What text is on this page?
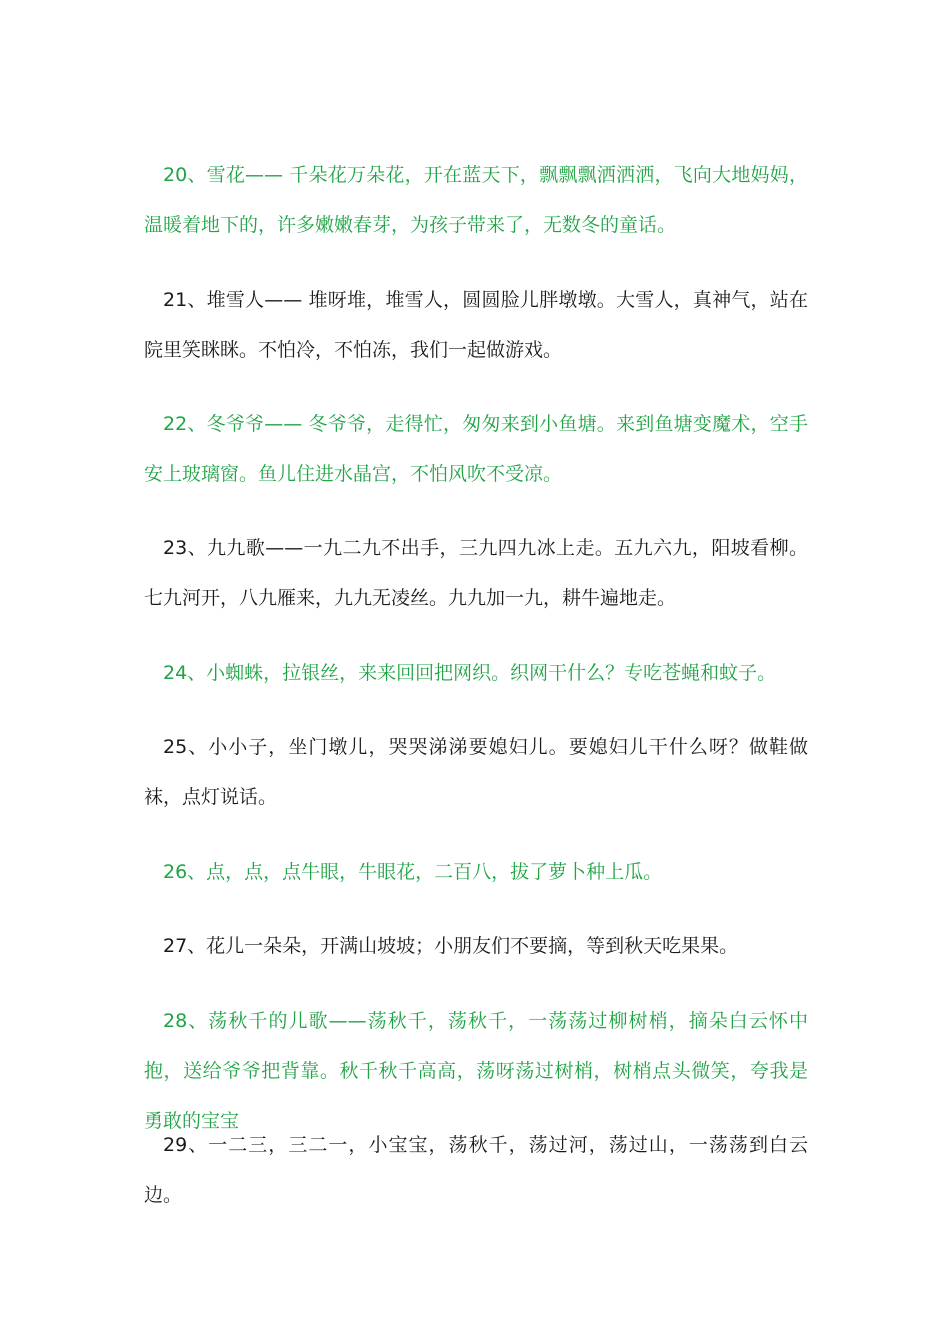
20、雪花—— 千朵花万朵花，开在蓝天下，飘飘飘洒洒洒，飞向大地妈妈，温暖着地下的，许多嫩嫩春芽，为孩子带来了，无数冬的童话。

21、堆雪人—— 堆呀堆，堆雪人，圆圆脸儿胖墩墩。大雪人，真神气，站在院里笑眯眯。不怕冷，不怕冻，我们一起做游戏。

22、冬爷爷—— 冬爷爷，走得忙，匆匆来到小鱼塘。来到鱼塘变魔术，空手安上玻璃窗。鱼儿住进水晶宫，不怕风吹不受凉。

23、九九歌——一九二九不出手，三九四九冰上走。五九六九，阳坡看柳。七九河开，八九雁来，九九无凌丝。九九加一九，耕牛遍地走。

24、小蜘蛛，拉银丝，来来回回把网织。织网干什么？专吃苍蝇和蚊子。

25、小小子，坐门墩儿，哭哭涕涕要媳妇儿。要媳妇儿干什么呀？做鞋做袜，点灯说话。

26、点，点，点牛眼，牛眼花，二百八，拔了萝卜种上瓜。

27、花儿一朵朵，开满山坡坡；小朋友们不要摘，等到秋天吃果果。

28、荡秋千的儿歌——荡秋千，荡秋千，一荡荡过柳树梢，摘朵白云怀中抱，送给爷爷把背靠。秋千秋千高高，荡呀荡过树梢，树梢点头微笑，夸我是勇敢的宝宝

29、一二三，三二一，小宝宝，荡秋千，荡过河，荡过山，一荡荡到白云边。
